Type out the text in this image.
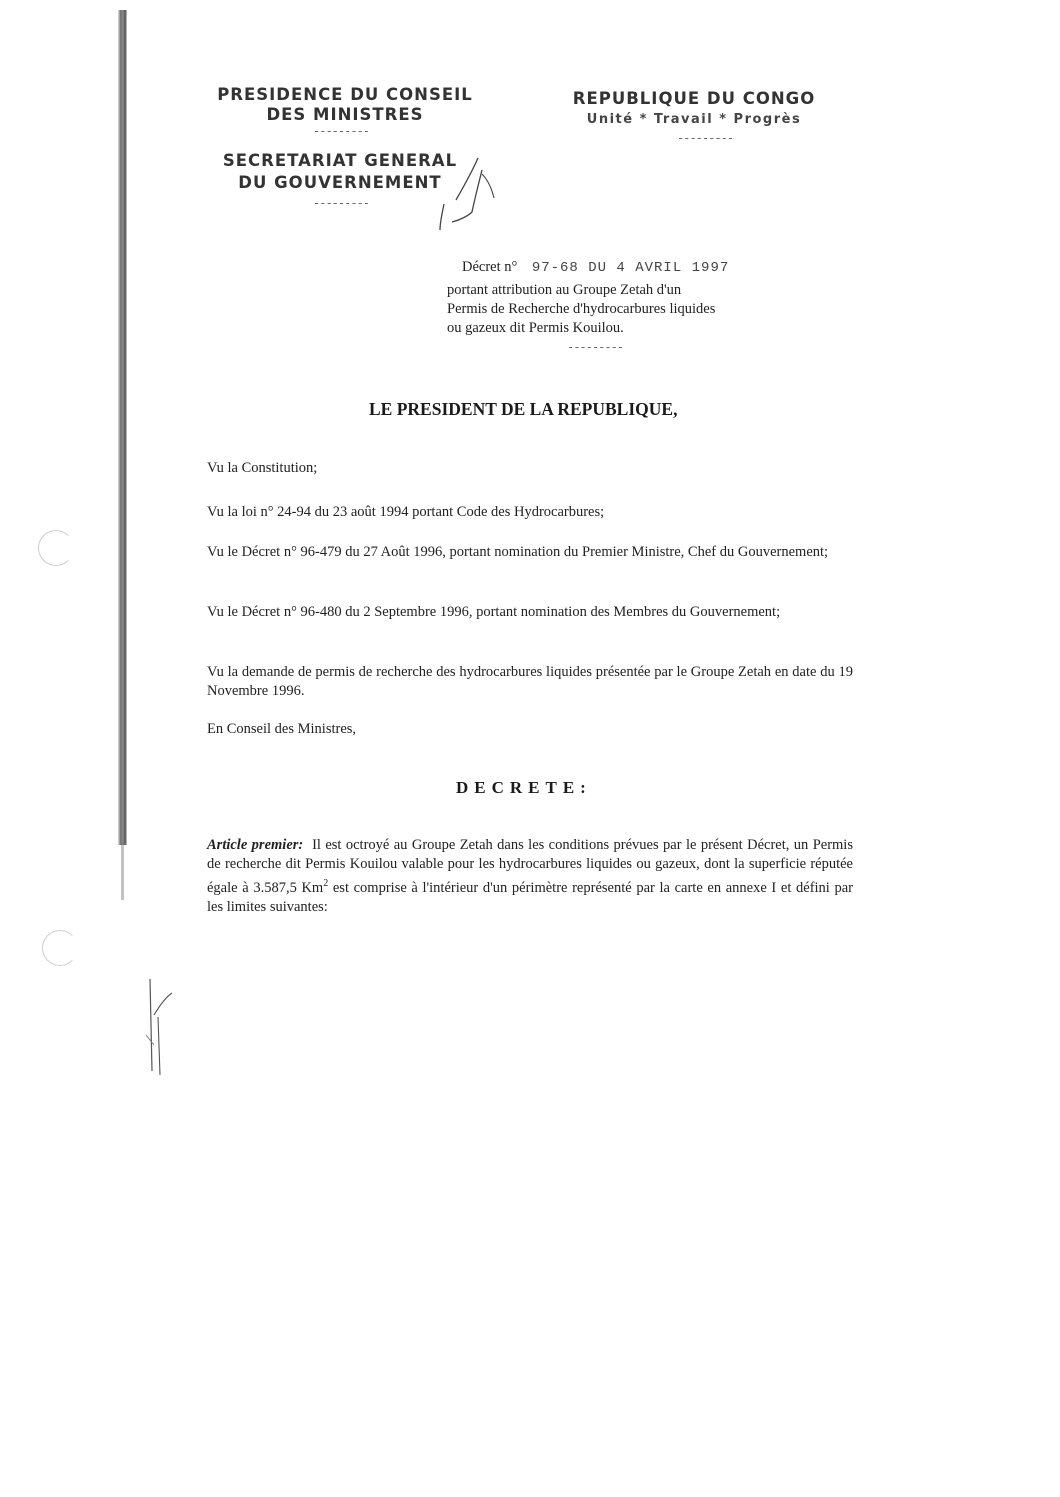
PRESIDENCE DU CONSEIL
DES MINISTRES
---------
SECRETARIAT GENERAL
DU GOUVERNEMENT
---------
REPUBLIQUE DU CONGO
Unité * Travail * Progrès
---------
Décret n° 97-68 DU 4 AVRIL 1997
portant attribution au Groupe Zetah d'un
Permis de Recherche d'hydrocarbures liquides
ou gazeux dit Permis Kouilou.
---------
LE PRESIDENT DE LA REPUBLIQUE,
Vu la Constitution;
Vu la loi n° 24-94 du 23 août 1994 portant Code des Hydrocarbures;
Vu le Décret n° 96-479 du 27 Août 1996, portant nomination du Premier Ministre, Chef du Gouvernement;
Vu le Décret n° 96-480 du 2 Septembre 1996, portant nomination des Membres du Gouvernement;
Vu la demande de permis de recherche des hydrocarbures liquides présentée par le Groupe Zetah en date du 19 Novembre 1996.
En Conseil des Ministres,
DECRETE:
Article premier: Il est octroyé au Groupe Zetah dans les conditions prévues par le présent Décret, un Permis de recherche dit Permis Kouilou valable pour les hydrocarbures liquides ou gazeux, dont la superficie réputée égale à 3.587,5 Km$^2$ est comprise à l'intérieur d'un périmètre représenté par la carte en annexe I et défini par les limites suivantes:
